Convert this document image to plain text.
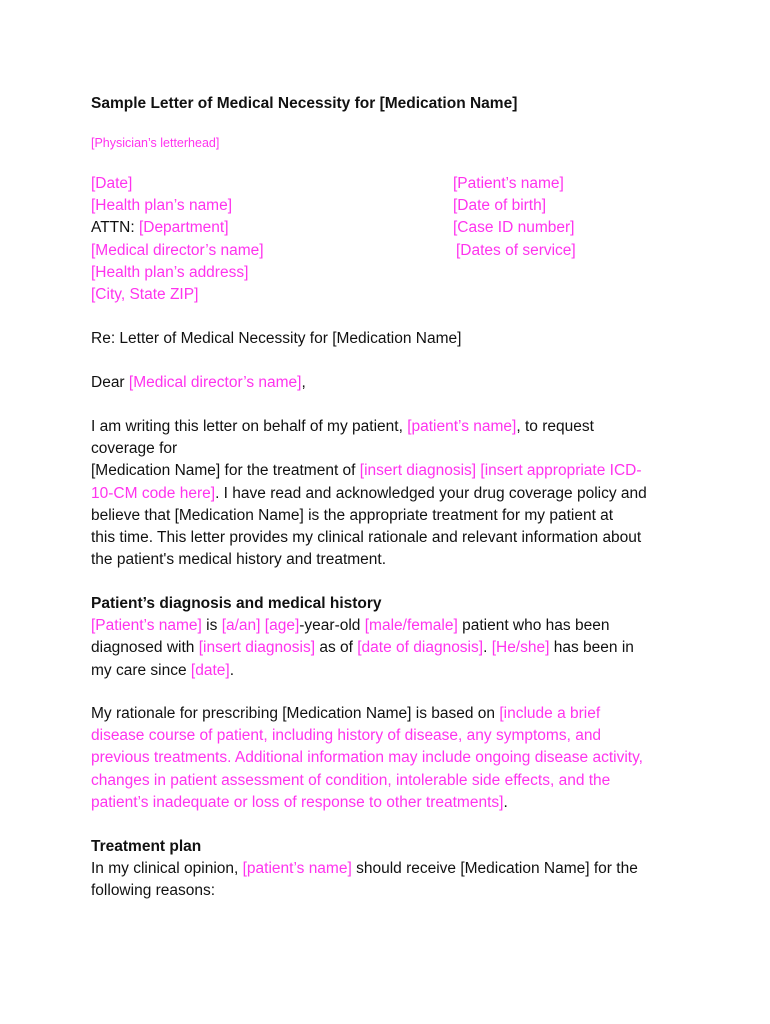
Sample Letter of Medical Necessity for [Medication Name]
[Physician’s letterhead]
[Date]
[Health plan’s name]
ATTN: [Department]
[Medical director’s name]
[Health plan’s address]
[City, State ZIP]
[Patient’s name]
[Date of birth]
[Case ID number]
[Dates of service]
Re: Letter of Medical Necessity for [Medication Name]
Dear [Medical director’s name],
I am writing this letter on behalf of my patient, [patient’s name], to request
coverage for
[Medication Name] for the treatment of [insert diagnosis] [insert appropriate ICD-
10-CM code here]. I have read and acknowledged your drug coverage policy and
believe that [Medication Name] is the appropriate treatment for my patient at
this time. This letter provides my clinical rationale and relevant information about
the patient's medical history and treatment.
Patient’s diagnosis and medical history
[Patient’s name] is [a/an] [age]-year-old [male/female] patient who has been
diagnosed with [insert diagnosis] as of [date of diagnosis]. [He/she] has been in
my care since [date].
My rationale for prescribing [Medication Name] is based on [include a brief
disease course of patient, including history of disease, any symptoms, and
previous treatments. Additional information may include ongoing disease activity,
changes in patient assessment of condition, intolerable side effects, and the
patient’s inadequate or loss of response to other treatments].
Treatment plan
In my clinical opinion, [patient’s name] should receive [Medication Name] for the
following reasons:
